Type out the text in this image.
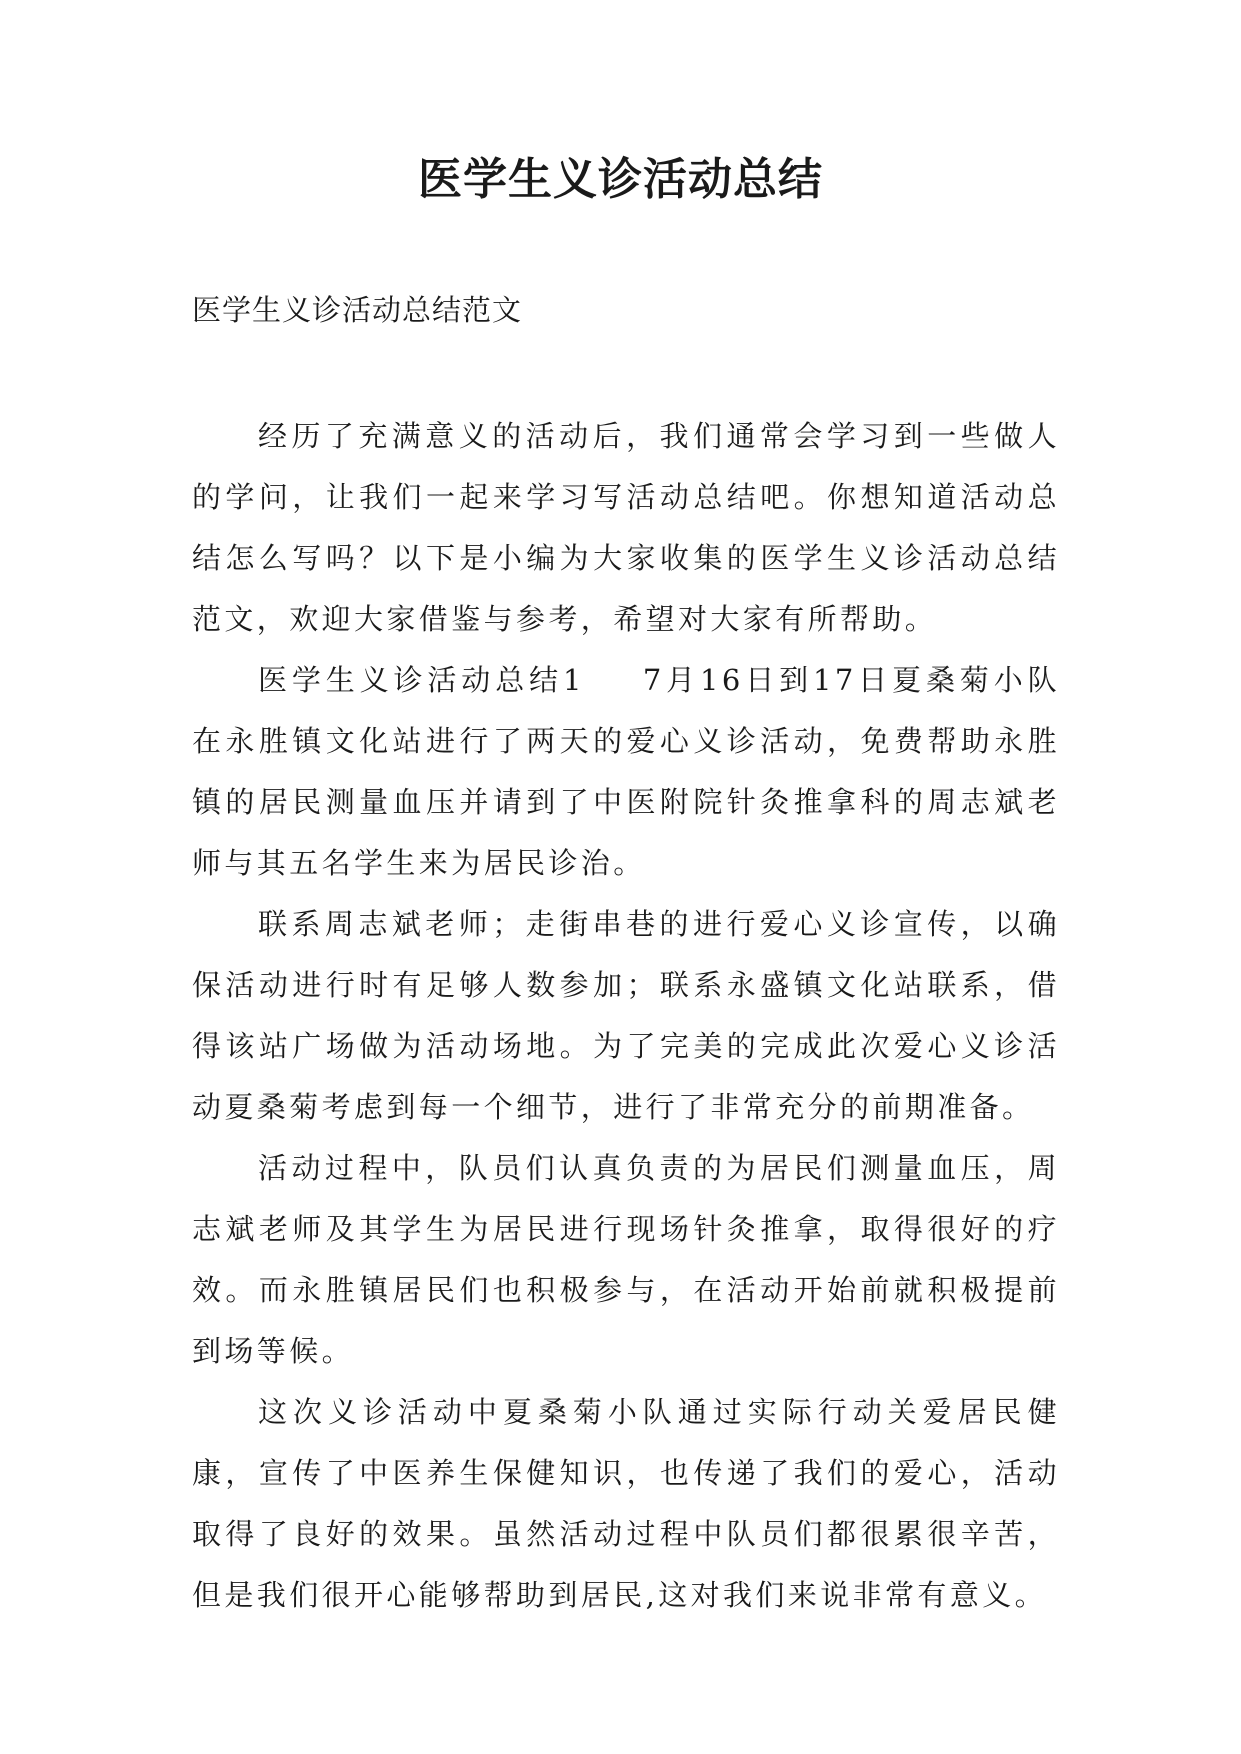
医学生义诊活动总结

医学生义诊活动总结范文

经历了充满意义的活动后，我们通常会学习到一些做人的学问，让我们一起来学习写活动总结吧。你想知道活动总结怎么写吗？以下是小编为大家收集的医学生义诊活动总结范文，欢迎大家借鉴与参考，希望对大家有所帮助。

医学生义诊活动总结1 7月16日到17日夏桑菊小队在永胜镇文化站进行了两天的爱心义诊活动，免费帮助永胜镇的居民测量血压并请到了中医附院针灸推拿科的周志斌老师与其五名学生来为居民诊治。

联系周志斌老师；走街串巷的进行爱心义诊宣传，以确保活动进行时有足够人数参加；联系永盛镇文化站联系，借得该站广场做为活动场地。为了完美的完成此次爱心义诊活动夏桑菊考虑到每一个细节，进行了非常充分的前期准备。

活动过程中，队员们认真负责的为居民们测量血压，周志斌老师及其学生为居民进行现场针灸推拿，取得很好的疗效。而永胜镇居民们也积极参与，在活动开始前就积极提前到场等候。

这次义诊活动中夏桑菊小队通过实际行动关爱居民健康，宣传了中医养生保健知识，也传递了我们的爱心，活动取得了良好的效果。虽然活动过程中队员们都很累很辛苦，但是我们很开心能够帮助到居民,这对我们来说非常有意义。
